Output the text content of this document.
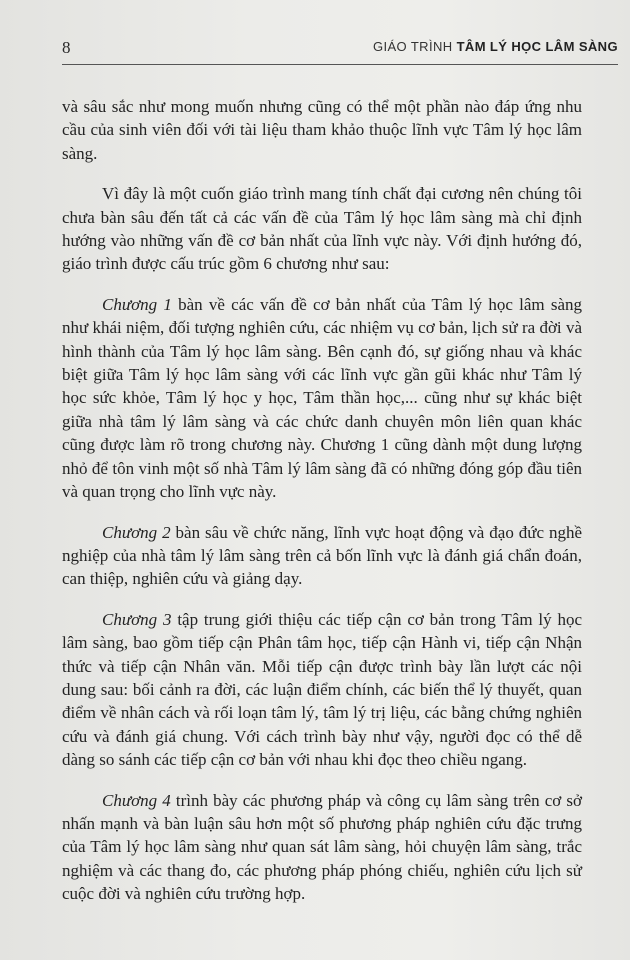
8	GIÁO TRÌNH TÂM LÝ HỌC LÂM SÀNG

và sâu sắc như mong muốn nhưng cũng có thể một phần nào đáp ứng nhu cầu của sinh viên đối với tài liệu tham khảo thuộc lĩnh vực Tâm lý học lâm sàng.

Vì đây là một cuốn giáo trình mang tính chất đại cương nên chúng tôi chưa bàn sâu đến tất cả các vấn đề của Tâm lý học lâm sàng mà chỉ định hướng vào những vấn đề cơ bản nhất của lĩnh vực này. Với định hướng đó, giáo trình được cấu trúc gồm 6 chương như sau:

Chương 1 bàn về các vấn đề cơ bản nhất của Tâm lý học lâm sàng như khái niệm, đối tượng nghiên cứu, các nhiệm vụ cơ bản, lịch sử ra đời và hình thành của Tâm lý học lâm sàng. Bên cạnh đó, sự giống nhau và khác biệt giữa Tâm lý học lâm sàng với các lĩnh vực gần gũi khác như Tâm lý học sức khỏe, Tâm lý học y học, Tâm thần học,... cũng như sự khác biệt giữa nhà tâm lý lâm sàng và các chức danh chuyên môn liên quan khác cũng được làm rõ trong chương này. Chương 1 cũng dành một dung lượng nhỏ để tôn vinh một số nhà Tâm lý lâm sàng đã có những đóng góp đầu tiên và quan trọng cho lĩnh vực này.

Chương 2 bàn sâu về chức năng, lĩnh vực hoạt động và đạo đức nghề nghiệp của nhà tâm lý lâm sàng trên cả bốn lĩnh vực là đánh giá chẩn đoán, can thiệp, nghiên cứu và giảng dạy.

Chương 3 tập trung giới thiệu các tiếp cận cơ bản trong Tâm lý học lâm sàng, bao gồm tiếp cận Phân tâm học, tiếp cận Hành vi, tiếp cận Nhận thức và tiếp cận Nhân văn. Mỗi tiếp cận được trình bày lần lượt các nội dung sau: bối cảnh ra đời, các luận điểm chính, các biến thể lý thuyết, quan điểm về nhân cách và rối loạn tâm lý, tâm lý trị liệu, các bằng chứng nghiên cứu và đánh giá chung. Với cách trình bày như vậy, người đọc có thể dễ dàng so sánh các tiếp cận cơ bản với nhau khi đọc theo chiều ngang.

Chương 4 trình bày các phương pháp và công cụ lâm sàng trên cơ sở nhấn mạnh và bàn luận sâu hơn một số phương pháp nghiên cứu đặc trưng của Tâm lý học lâm sàng như quan sát lâm sàng, hỏi chuyện lâm sàng, trắc nghiệm và các thang đo, các phương pháp phóng chiếu, nghiên cứu lịch sử cuộc đời và nghiên cứu trường hợp.
